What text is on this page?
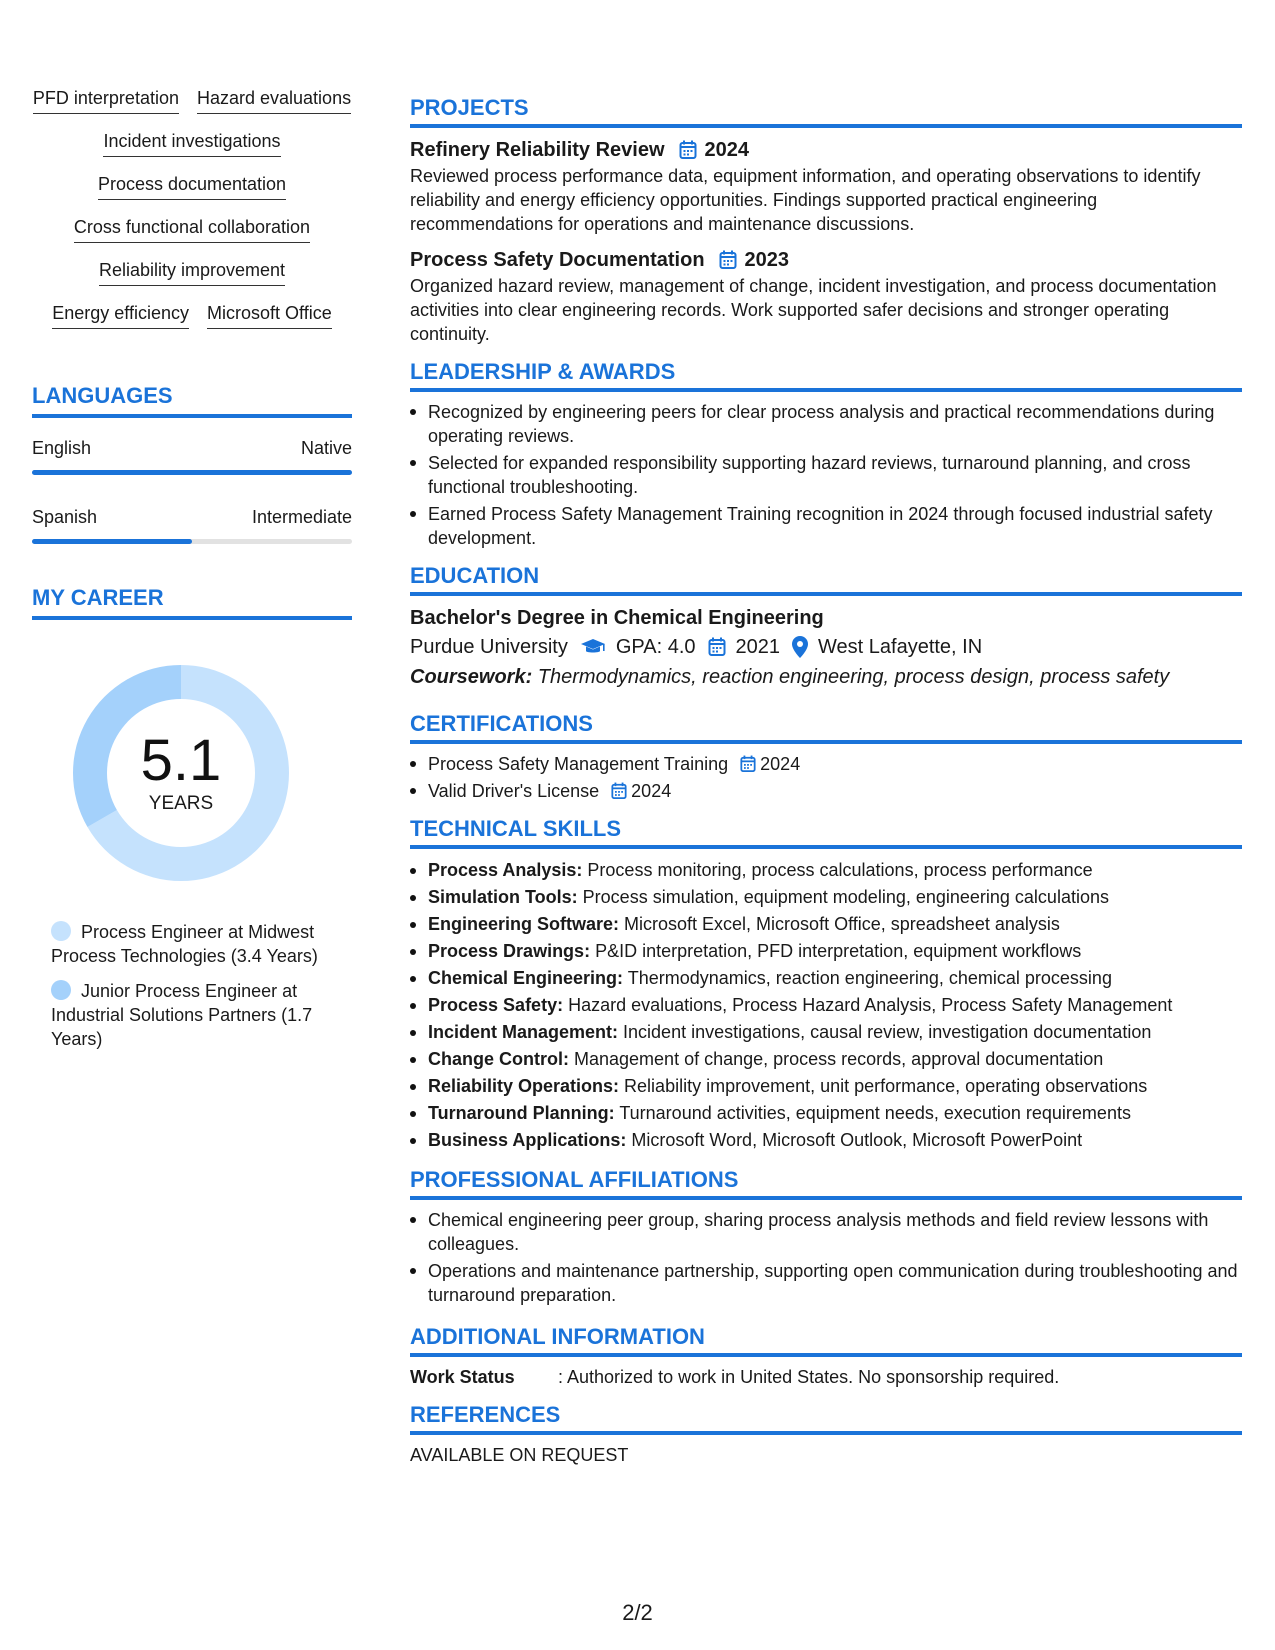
PFD interpretation Hazard evaluations
Incident investigations
Process documentation
Cross functional collaboration
Reliability improvement
Energy efficiency Microsoft Office
LANGUAGES
English	Native
Spanish	Intermediate
MY CAREER
5.1
YEARS
Process Engineer at Midwest Process Technologies (3.4 Years)
Junior Process Engineer at Industrial Solutions Partners (1.7 Years)
PROJECTS
Refinery Reliability Review 2024
Reviewed process performance data, equipment information, and operating observations to identify reliability and energy efficiency opportunities. Findings supported practical engineering recommendations for operations and maintenance discussions.
Process Safety Documentation 2023
Organized hazard review, management of change, incident investigation, and process documentation activities into clear engineering records. Work supported safer decisions and stronger operating continuity.
LEADERSHIP & AWARDS
Recognized by engineering peers for clear process analysis and practical recommendations during operating reviews.
Selected for expanded responsibility supporting hazard reviews, turnaround planning, and cross functional troubleshooting.
Earned Process Safety Management Training recognition in 2024 through focused industrial safety development.
EDUCATION
Bachelor's Degree in Chemical Engineering
Purdue University GPA: 4.0 2021 West Lafayette, IN
Coursework: Thermodynamics, reaction engineering, process design, process safety
CERTIFICATIONS
Process Safety Management Training 2024
Valid Driver's License 2024
TECHNICAL SKILLS
Process Analysis: Process monitoring, process calculations, process performance
Simulation Tools: Process simulation, equipment modeling, engineering calculations
Engineering Software: Microsoft Excel, Microsoft Office, spreadsheet analysis
Process Drawings: P&ID interpretation, PFD interpretation, equipment workflows
Chemical Engineering: Thermodynamics, reaction engineering, chemical processing
Process Safety: Hazard evaluations, Process Hazard Analysis, Process Safety Management
Incident Management: Incident investigations, causal review, investigation documentation
Change Control: Management of change, process records, approval documentation
Reliability Operations: Reliability improvement, unit performance, operating observations
Turnaround Planning: Turnaround activities, equipment needs, execution requirements
Business Applications: Microsoft Word, Microsoft Outlook, Microsoft PowerPoint
PROFESSIONAL AFFILIATIONS
Chemical engineering peer group, sharing process analysis methods and field review lessons with colleagues.
Operations and maintenance partnership, supporting open communication during troubleshooting and turnaround preparation.
ADDITIONAL INFORMATION
Work Status	: Authorized to work in United States. No sponsorship required.
REFERENCES
AVAILABLE ON REQUEST
2/2
